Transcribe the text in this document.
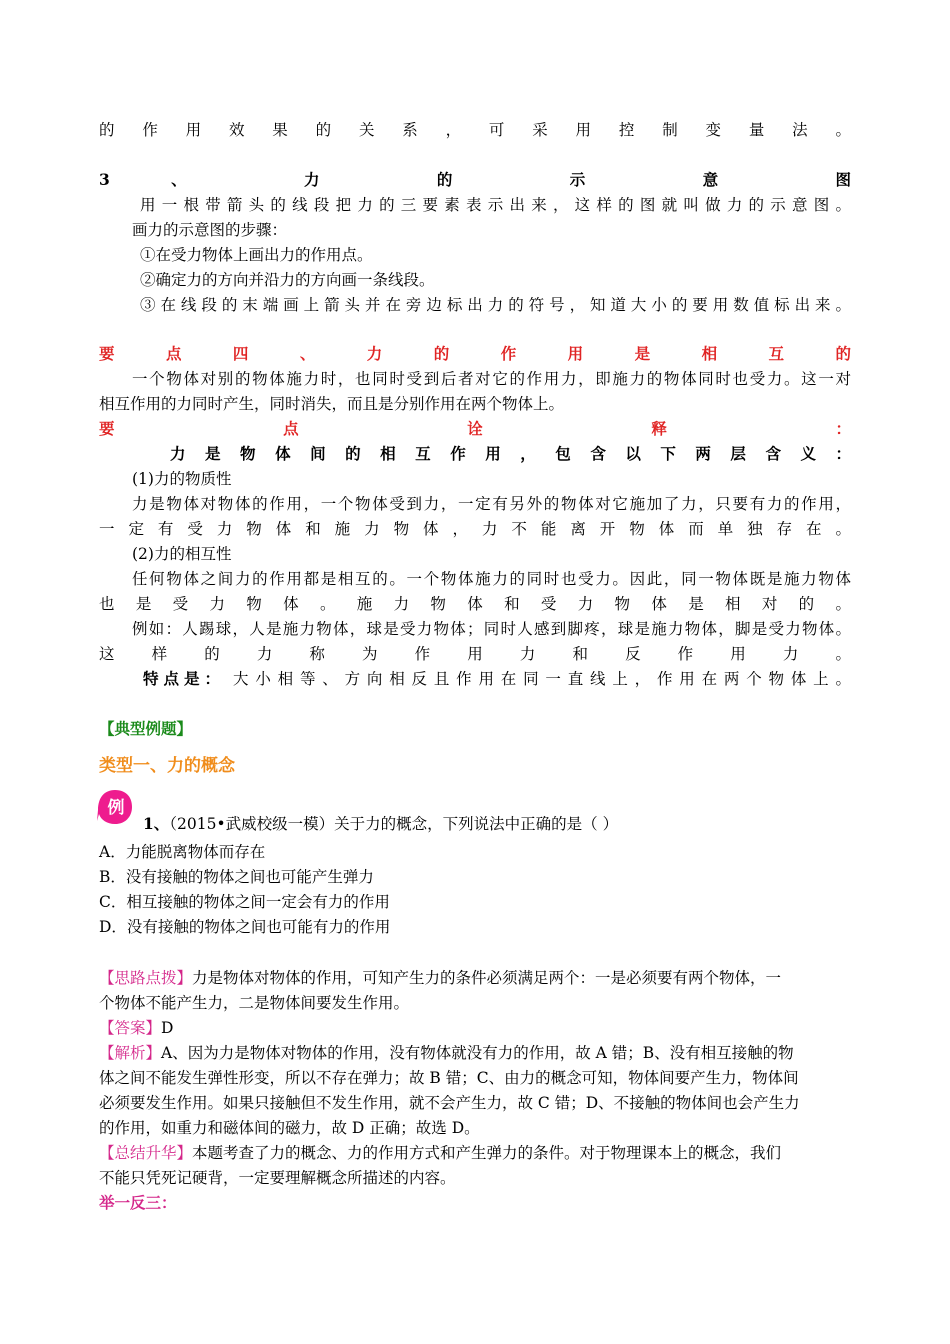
的 作 用 效 果 的 关 系 ， 可 采 用 控 制 变 量 法 。
3 、 力 的 示 意 图
用一根带箭头的线段把力的三要素表示出来，这样的图就叫做力的示意图。
画力的示意图的步骤：
①在受力物体上画出力的作用点。
②确定力的方向并沿力的方向画一条线段。
③在线段的末端画上箭头并在旁边标出力的符号，知道大小的要用数值标出来。
要 点 四 、 力 的 作 用 是 相 互 的
一个物体对别的物体施力时，也同时受到后者对它的作用力，即施力的物体同时也受力。这一对
相互作用的力同时产生，同时消失，而且是分别作用在两个物体上。
要 点 诠 释 ：
力 是 物 体 间 的 相 互 作 用 ， 包 含 以 下 两 层 含 义 ：
(1)力的物质性
力是物体对物体的作用，一个物体受到力，一定有另外的物体对它施加了力，只要有力的作用，
一 定 有 受 力 物 体 和 施 力 物 体 ， 力 不 能 离 开 物 体 而 单 独 存 在 。
(2)力的相互性
任何物体之间力的作用都是相互的。一个物体施力的同时也受力。因此，同一物体既是施力物体
也 是 受 力 物 体 。 施 力 物 体 和 受 力 物 体 是 相 对 的 。
例如：人踢球，人是施力物体，球是受力物体；同时人感到脚疼，球是施力物体，脚是受力物体。
这 样 的 力 称 为 作 用 力 和 反 作 用 力 。
特点是： 大小相等、方向相反且作用在同一直线上，作用在两个物体上。
【典型例题】
类型一、力的概念
例
1、（2015•武威校级一模）关于力的概念，下列说法中正确的是（ ）
A．力能脱离物体而存在
B．没有接触的物体之间也可能产生弹力
C．相互接触的物体之间一定会有力的作用
D．没有接触的物体之间也可能有力的作用
【思路点拨】力是物体对物体的作用，可知产生力的条件必须满足两个：一是必须要有两个物体，一
个物体不能产生力，二是物体间要发生作用。
【答案】D
【解析】A、因为力是物体对物体的作用，没有物体就没有力的作用，故 A 错；B、没有相互接触的物
体之间不能发生弹性形变，所以不存在弹力；故 B 错；C、由力的概念可知，物体间要产生力，物体间
必须要发生作用。如果只接触但不发生作用，就不会产生力，故 C 错；D、不接触的物体间也会产生力
的作用，如重力和磁体间的磁力，故 D 正确；故选 D。
【总结升华】本题考查了力的概念、力的作用方式和产生弹力的条件。对于物理课本上的概念，我们
不能只凭死记硬背，一定要理解概念所描述的内容。
举一反三：
